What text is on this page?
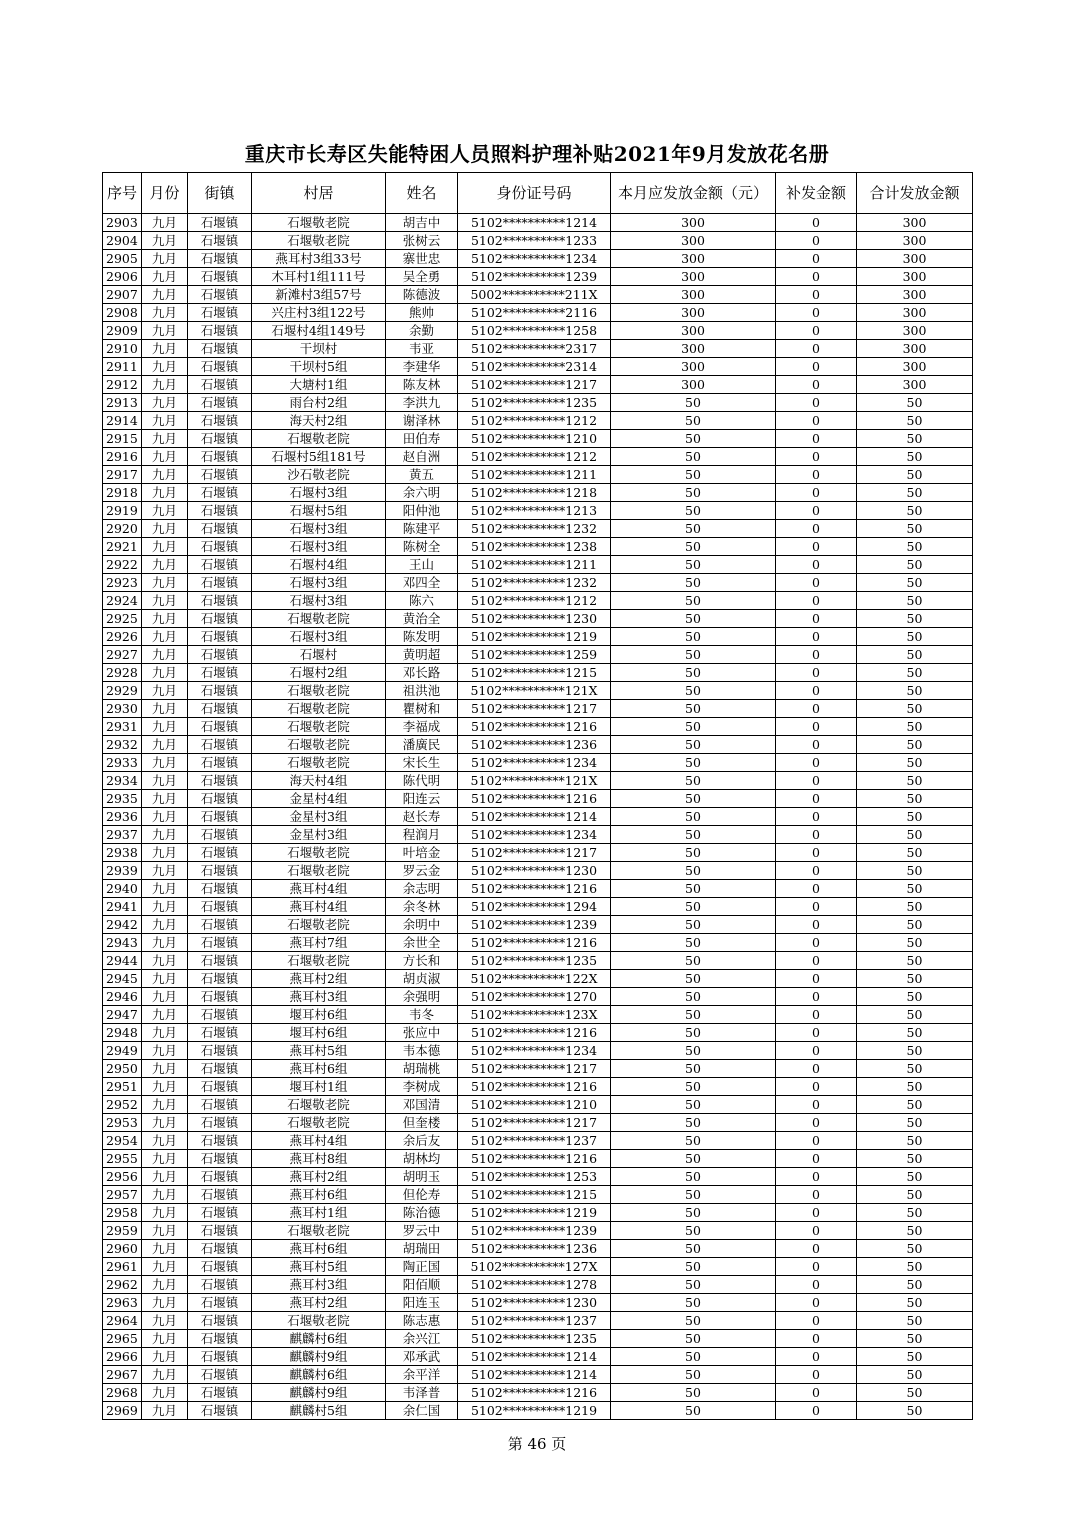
重庆市长寿区失能特困人员照料护理补贴2021年9月发放花名册
序号	月份	街镇	村居	姓名	身份证号码	本月应发放金额（元）	补发金额	合计发放金额
2903	九月	石堰镇	石堰敬老院	胡吉中	5102**********1214	300	0	300
2904	九月	石堰镇	石堰敬老院	张树云	5102**********1233	300	0	300
2905	九月	石堰镇	燕耳村3组33号	寨世忠	5102**********1234	300	0	300
2906	九月	石堰镇	木耳村1组111号	吴全勇	5102**********1239	300	0	300
2907	九月	石堰镇	新滩村3组57号	陈德波	5002**********211X	300	0	300
2908	九月	石堰镇	兴庄村3组122号	熊帅	5102**********2116	300	0	300
2909	九月	石堰镇	石堰村4组149号	余勤	5102**********1258	300	0	300
2910	九月	石堰镇	干坝村	韦亚	5102**********2317	300	0	300
2911	九月	石堰镇	干坝村5组	李建华	5102**********2314	300	0	300
2912	九月	石堰镇	大塘村1组	陈友林	5102**********1217	300	0	300
2913	九月	石堰镇	雨台村2组	李洪九	5102**********1235	50	0	50
2914	九月	石堰镇	海天村2组	谢泽林	5102**********1212	50	0	50
2915	九月	石堰镇	石堰敬老院	田伯寿	5102**********1210	50	0	50
2916	九月	石堰镇	石堰村5组181号	赵自洲	5102**********1212	50	0	50
2917	九月	石堰镇	沙石敬老院	黄五	5102**********1211	50	0	50
2918	九月	石堰镇	石堰村3组	余六明	5102**********1218	50	0	50
2919	九月	石堰镇	石堰村5组	阳仲池	5102**********1213	50	0	50
2920	九月	石堰镇	石堰村3组	陈建平	5102**********1232	50	0	50
2921	九月	石堰镇	石堰村3组	陈树全	5102**********1238	50	0	50
2922	九月	石堰镇	石堰村4组	王山	5102**********1211	50	0	50
2923	九月	石堰镇	石堰村3组	邓四全	5102**********1232	50	0	50
2924	九月	石堰镇	石堰村3组	陈六	5102**********1212	50	0	50
2925	九月	石堰镇	石堰敬老院	黄治全	5102**********1230	50	0	50
2926	九月	石堰镇	石堰村3组	陈发明	5102**********1219	50	0	50
2927	九月	石堰镇	石堰村	黄明超	5102**********1259	50	0	50
2928	九月	石堰镇	石堰村2组	邓长路	5102**********1215	50	0	50
2929	九月	石堰镇	石堰敬老院	祖洪池	5102**********121X	50	0	50
2930	九月	石堰镇	石堰敬老院	瞿树和	5102**********1217	50	0	50
2931	九月	石堰镇	石堰敬老院	李福成	5102**********1216	50	0	50
2932	九月	石堰镇	石堰敬老院	潘廣民	5102**********1236	50	0	50
2933	九月	石堰镇	石堰敬老院	宋长生	5102**********1234	50	0	50
2934	九月	石堰镇	海天村4组	陈代明	5102**********121X	50	0	50
2935	九月	石堰镇	金星村4组	阳连云	5102**********1216	50	0	50
2936	九月	石堰镇	金星村3组	赵长寿	5102**********1214	50	0	50
2937	九月	石堰镇	金星村3组	程润月	5102**********1234	50	0	50
2938	九月	石堰镇	石堰敬老院	叶培金	5102**********1217	50	0	50
2939	九月	石堰镇	石堰敬老院	罗云金	5102**********1230	50	0	50
2940	九月	石堰镇	燕耳村4组	余志明	5102**********1216	50	0	50
2941	九月	石堰镇	燕耳村4组	余冬林	5102**********1294	50	0	50
2942	九月	石堰镇	石堰敬老院	余明中	5102**********1239	50	0	50
2943	九月	石堰镇	燕耳村7组	余世全	5102**********1216	50	0	50
2944	九月	石堰镇	石堰敬老院	方长和	5102**********1235	50	0	50
2945	九月	石堰镇	燕耳村2组	胡贞淑	5102**********122X	50	0	50
2946	九月	石堰镇	燕耳村3组	余强明	5102**********1270	50	0	50
2947	九月	石堰镇	堰耳村6组	韦冬	5102**********123X	50	0	50
2948	九月	石堰镇	堰耳村6组	张应中	5102**********1216	50	0	50
2949	九月	石堰镇	燕耳村5组	韦本德	5102**********1234	50	0	50
2950	九月	石堰镇	燕耳村6组	胡瑞桃	5102**********1217	50	0	50
2951	九月	石堰镇	堰耳村1组	李树成	5102**********1216	50	0	50
2952	九月	石堰镇	石堰敬老院	邓国清	5102**********1210	50	0	50
2953	九月	石堰镇	石堰敬老院	但奎楼	5102**********1217	50	0	50
2954	九月	石堰镇	燕耳村4组	余后友	5102**********1237	50	0	50
2955	九月	石堰镇	燕耳村8组	胡林均	5102**********1216	50	0	50
2956	九月	石堰镇	燕耳村2组	胡明玉	5102**********1253	50	0	50
2957	九月	石堰镇	燕耳村6组	但伦寿	5102**********1215	50	0	50
2958	九月	石堰镇	燕耳村1组	陈治德	5102**********1219	50	0	50
2959	九月	石堰镇	石堰敬老院	罗云中	5102**********1239	50	0	50
2960	九月	石堰镇	燕耳村6组	胡瑞田	5102**********1236	50	0	50
2961	九月	石堰镇	燕耳村5组	陶正国	5102**********127X	50	0	50
2962	九月	石堰镇	燕耳村3组	阳佰顺	5102**********1278	50	0	50
2963	九月	石堰镇	燕耳村2组	阳连玉	5102**********1230	50	0	50
2964	九月	石堰镇	石堰敬老院	陈志惠	5102**********1237	50	0	50
2965	九月	石堰镇	麒麟村6组	余兴江	5102**********1235	50	0	50
2966	九月	石堰镇	麒麟村9组	邓承武	5102**********1214	50	0	50
2967	九月	石堰镇	麒麟村6组	余平洋	5102**********1214	50	0	50
2968	九月	石堰镇	麒麟村9组	韦泽普	5102**********1216	50	0	50
2969	九月	石堰镇	麒麟村5组	余仁国	5102**********1219	50	0	50
第 46 页
